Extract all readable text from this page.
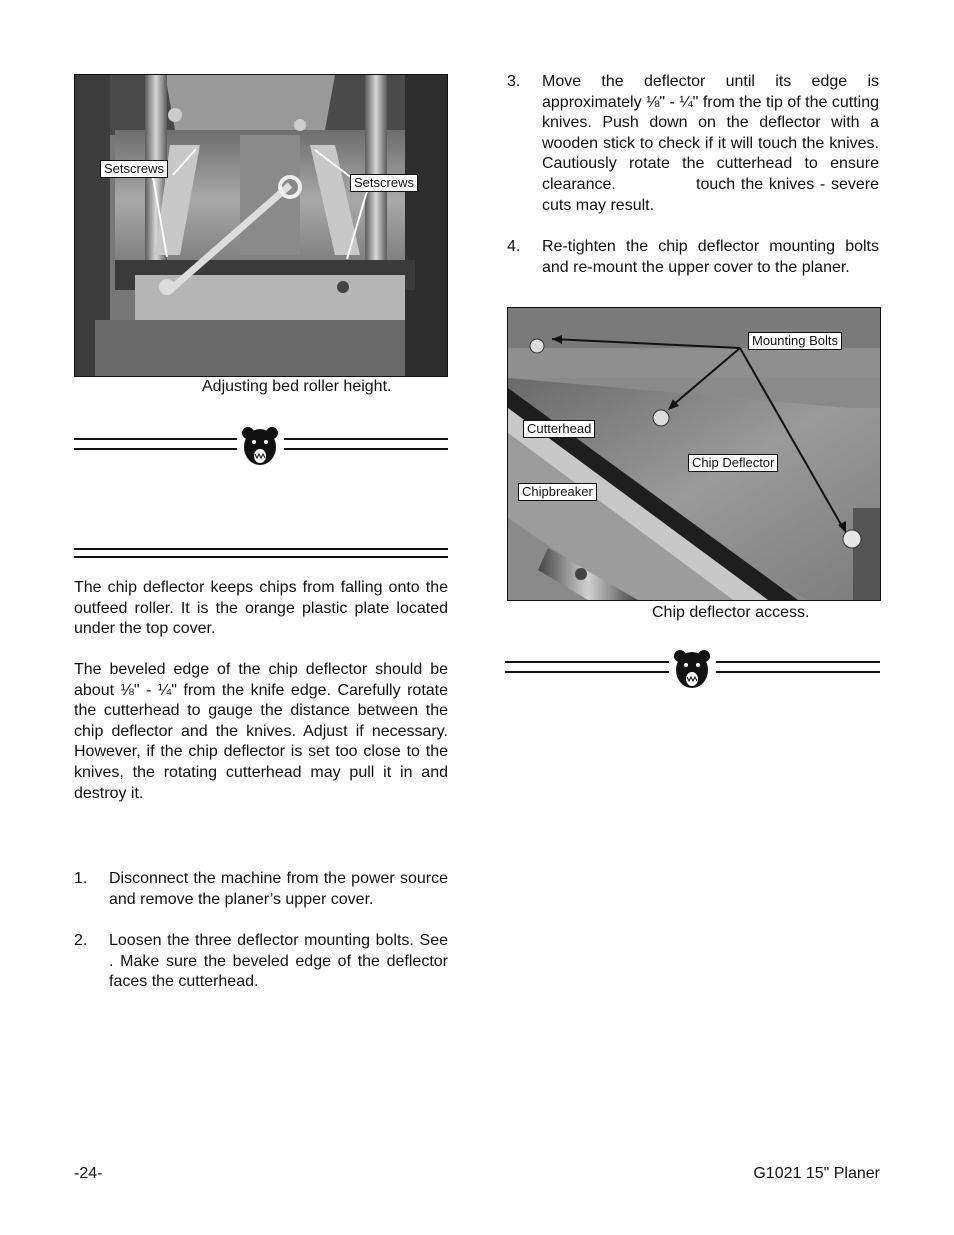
Setscrews
Setscrews
Adjusting bed roller height.

The chip deflector keeps chips from falling onto the outfeed roller. It is the orange plastic plate located under the top cover.

The beveled edge of the chip deflector should be about ⅛" - ¼" from the knife edge. Carefully rotate the cutterhead to gauge the distance between the chip deflector and the knives. Adjust if necessary. However, if the chip deflector is set too close to the knives, the rotating cutterhead may pull it in and destroy it.

1. Disconnect the machine from the power source and remove the planer’s upper cover.
2. Loosen the three deflector mounting bolts. See               . Make sure the beveled edge of the deflector faces the cutterhead.
3. Move the deflector until its edge is approximately ⅛" - ¼" from the tip of the cutting knives. Push down on the deflector with a wooden stick to check if it will touch the knives. Cautiously rotate the cutterhead to ensure clearance.              touch the knives - severe cuts may result.
4. Re-tighten the chip deflector mounting bolts and re-mount the upper cover to the planer.
Mounting Bolts
Cutterhead
Chip Deflector
Chipbreaker
Chip deflector access.
-24-	G1021 15" Planer
